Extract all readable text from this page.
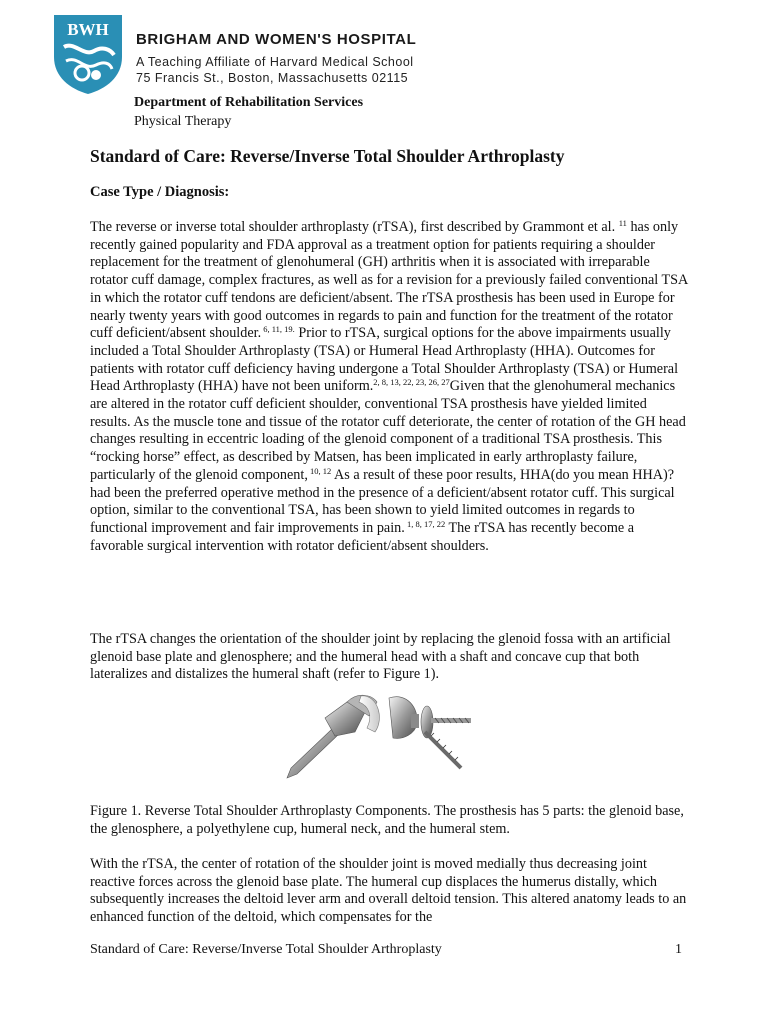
BWH
BRIGHAM AND WOMEN'S HOSPITAL
A Teaching Affiliate of Harvard Medical School
75 Francis St., Boston, Massachusetts 02115
Department of Rehabilitation Services
Physical Therapy
Standard of Care: Reverse/Inverse Total Shoulder Arthroplasty
Case Type / Diagnosis:
The reverse or inverse total shoulder arthroplasty (rTSA), first described by Grammont et al. $^{11}$ has only recently gained popularity and FDA approval as a treatment option for patients requiring a shoulder replacement for the treatment of glenohumeral (GH) arthritis when it is associated with irreparable rotator cuff damage, complex fractures, as well as for a revision for a previously failed conventional TSA in which the rotator cuff tendons are deficient/absent. The rTSA prosthesis has been used in Europe for nearly twenty years with good outcomes in regards to pain and function for the treatment of the rotator cuff deficient/absent shoulder. $^{6, 11, 19.}$ Prior to rTSA, surgical options for the above impairments usually included a Total Shoulder Arthroplasty (TSA) or Humeral Head Arthroplasty (HHA). Outcomes for patients with rotator cuff deficiency having undergone a Total Shoulder Arthroplasty (TSA) or Humeral Head Arthroplasty (HHA) have not been uniform.$^{2, 8, 13, 22, 23, 26, 27}$Given that the glenohumeral mechanics are altered in the rotator cuff deficient shoulder, conventional TSA prosthesis have yielded limited results. As the muscle tone and tissue of the rotator cuff deteriorate, the center of rotation of the GH head changes resulting in eccentric loading of the glenoid component of a traditional TSA prosthesis. This “rocking horse” effect, as described by Matsen, has been implicated in early arthroplasty failure, particularly of the glenoid component, $^{10, 12}$ As a result of these poor results, HHA(do you mean HHA)? had been the preferred operative method in the presence of a deficient/absent rotator cuff. This surgical option, similar to the conventional TSA, has been shown to yield limited outcomes in regards to functional improvement and fair improvements in pain. $^{1, 8, 17, 22}$ The rTSA has recently become a favorable surgical intervention with rotator deficient/absent shoulders.
The rTSA changes the orientation of the shoulder joint by replacing the glenoid fossa with an artificial glenoid base plate and glenosphere; and the humeral head with a shaft and concave cup that both lateralizes and distalizes the humeral shaft (refer to Figure 1).
Figure 1. Reverse Total Shoulder Arthroplasty Components. The prosthesis has 5 parts: the glenoid base, the glenosphere, a polyethylene cup, humeral neck, and the humeral stem.
With the rTSA, the center of rotation of the shoulder joint is moved medially thus decreasing joint reactive forces across the glenoid base plate. The humeral cup displaces the humerus distally, which subsequently increases the deltoid lever arm and overall deltoid tension. This altered anatomy leads to an enhanced function of the deltoid, which compensates for the
Standard of Care: Reverse/Inverse Total Shoulder Arthroplasty	1
